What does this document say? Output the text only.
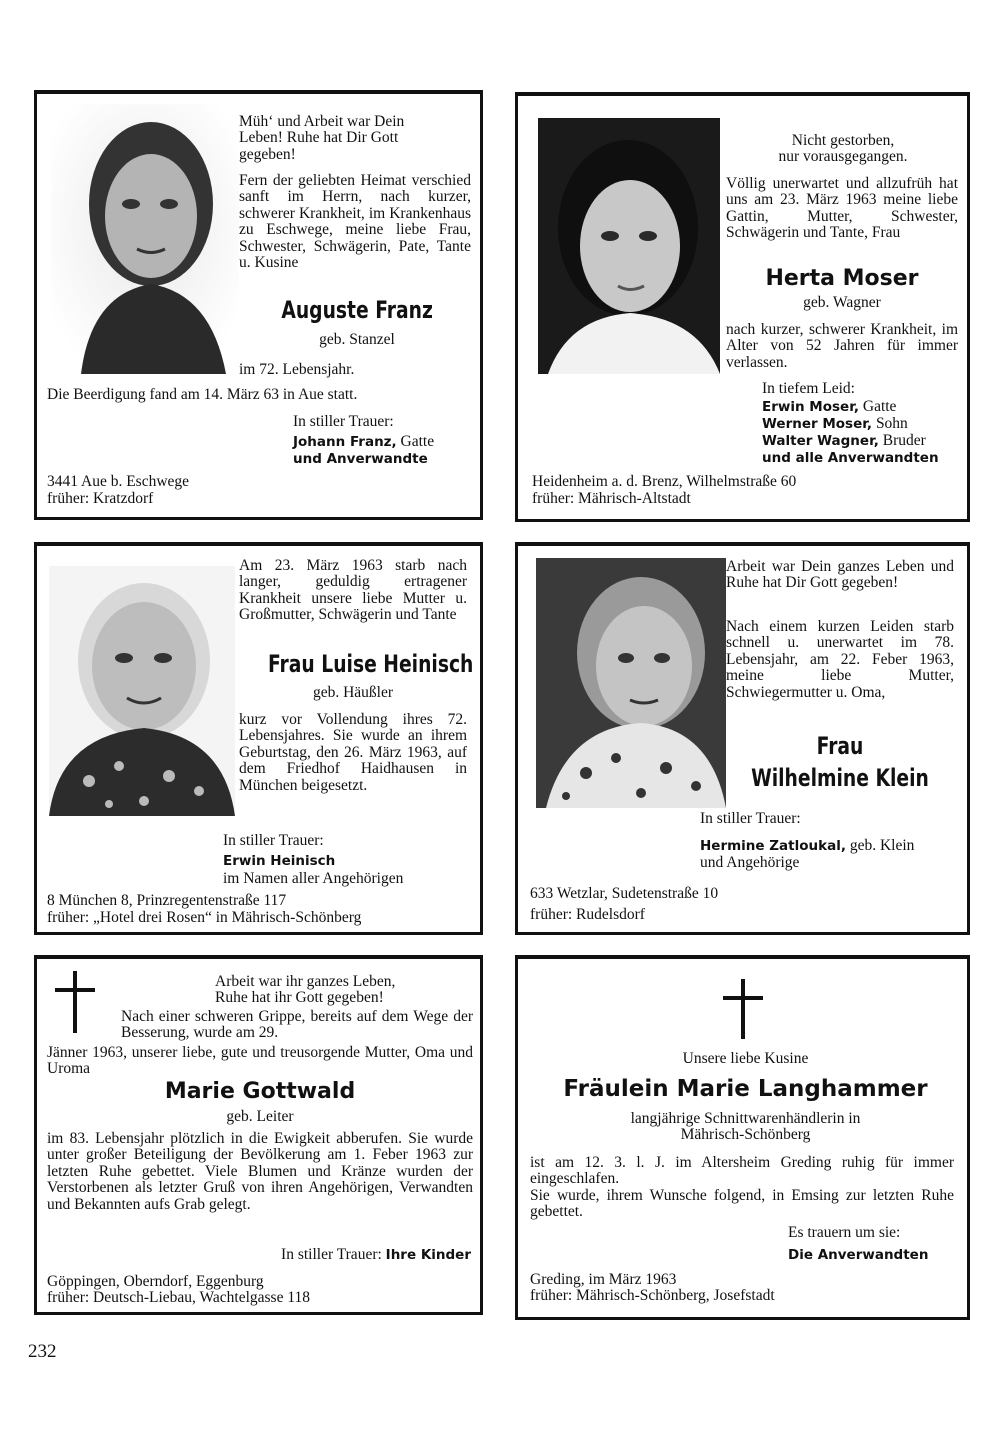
Müh‘ und Arbeit war Dein
Leben! Ruhe hat Dir Gott
gegeben!

Fern der geliebten Heimat verschied sanft im Herrn, nach kurzer, schwerer Krankheit, im Krankenhaus zu Eschwege, meine liebe Frau, Schwester, Schwägerin, Pate, Tante u. Kusine

Auguste Franz

geb. Stanzel

im 72. Lebensjahr.

Die Beerdigung fand am 14. März 63 in Aue statt.

In stiller Trauer:

Johann Franz, Gatte

und Anverwandte

3441 Aue b. Eschwege

früher: Kratzdorf

Nicht gestorben,
nur vorausgegangen.

Völlig unerwartet und allzufrüh hat uns am 23. März 1963 meine liebe Gattin, Mutter, Schwester, Schwägerin und Tante, Frau

Herta Moser

geb. Wagner

nach kurzer, schwerer Krankheit, im Alter von 52 Jahren für immer verlassen.

In tiefem Leid:

Erwin Moser, Gatte

Werner Moser, Sohn

Walter Wagner, Bruder

und alle Anverwandten

Heidenheim a. d. Brenz, Wilhelmstraße 60

früher: Mährisch-Altstadt

Am 23. März 1963 starb nach langer, geduldig ertragener Krankheit unsere liebe Mutter u. Großmutter, Schwägerin und Tante

Frau Luise Heinisch

geb. Häußler

kurz vor Vollendung ihres 72. Lebensjahres. Sie wurde an ihrem Geburtstag, den 26. März 1963, auf dem Friedhof Haidhausen in München beigesetzt.

In stiller Trauer:

Erwin Heinisch

im Namen aller Angehörigen

8 München 8, Prinzregentenstraße 117

früher: „Hotel drei Rosen“ in Mährisch-Schönberg

Arbeit war Dein ganzes Leben und Ruhe hat Dir Gott gegeben!

Nach einem kurzen Leiden starb schnell u. unerwartet im 78. Lebensjahr, am 22. Feber 1963, meine liebe Mutter, Schwiegermutter u. Oma,

Frau
Wilhelmine Klein

In stiller Trauer:

Hermine Zatloukal, geb. Klein

und Angehörige

633 Wetzlar, Sudetenstraße 10

früher: Rudelsdorf

✝

Arbeit war ihr ganzes Leben,
Ruhe hat ihr Gott gegeben!

Nach einer schweren Grippe, bereits auf dem Wege der Besserung, wurde am 29.

Jänner 1963, unserer liebe, gute und treusorgende Mutter, Oma und Uroma

Marie Gottwald

geb. Leiter

im 83. Lebensjahr plötzlich in die Ewigkeit abberufen. Sie wurde unter großer Beteiligung der Bevölkerung am 1. Feber 1963 zur letzten Ruhe gebettet. Viele Blumen und Kränze wurden der Verstorbenen als letzter Gruß von ihren Angehörigen, Verwandten und Bekannten aufs Grab gelegt.

In stiller Trauer: Ihre Kinder

Göppingen, Oberndorf, Eggenburg

früher: Deutsch-Liebau, Wachtelgasse 118

✝

Unsere liebe Kusine

Fräulein Marie Langhammer

langjährige Schnittwarenhändlerin in
Mährisch-Schönberg

ist am 12. 3. l. J. im Altersheim Greding ruhig für immer eingeschlafen.

Sie wurde, ihrem Wunsche folgend, in Emsing zur letzten Ruhe gebettet.

Es trauern um sie:

Die Anverwandten

Greding, im März 1963

früher: Mährisch-Schönberg, Josefstadt

232
